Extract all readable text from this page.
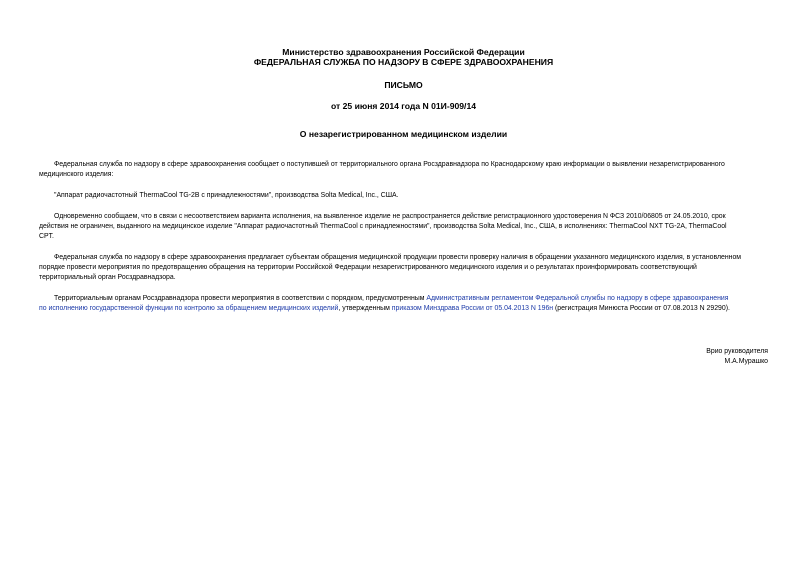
Министерство здравоохранения Российской Федерации
ФЕДЕРАЛЬНАЯ СЛУЖБА ПО НАДЗОРУ В СФЕРЕ ЗДРАВООХРАНЕНИЯ
ПИСЬМО
от 25 июня 2014 года N 01И-909/14
О незарегистрированном медицинском изделии
Федеральная служба по надзору в сфере здравоохранения сообщает о поступившей от территориального органа Росздравнадзора по Краснодарскому краю информации о выявлении незарегистрированного
медицинского изделия:
"Аппарат радиочастотный ThermaCool TG-2B с принадлежностями", производства Solta Medical, Inc., США.
Одновременно сообщаем, что в связи с несоответствием варианта исполнения, на выявленное изделие не распространяется действие регистрационного удостоверения N ФСЗ 2010/06805 от 24.05.2010, срок
действия не ограничен, выданного на медицинское изделие "Аппарат радиочастотный ThermaCool с принадлежностями", производства Solta Medical, Inc., США, в исполнениях: ThermaCool NXT TG-2A, ThermaCool
CPT.
Федеральная служба по надзору в сфере здравоохранения предлагает субъектам обращения медицинской продукции провести проверку наличия в обращении указанного медицинского изделия, в установленном
порядке провести мероприятия по предотвращению обращения на территории Российской Федерации незарегистрированного медицинского изделия и о результатах проинформировать соответствующий
территориальный орган Росздравнадзора.
Территориальным органам Росздравнадзора провести мероприятия в соответствии с порядком, предусмотренным Административным регламентом Федеральной службы по надзору в сфере здравоохранения
по исполнению государственной функции по контролю за обращением медицинских изделий, утвержденным приказом Минздрава России от 05.04.2013 N 196н (регистрация Минюста России от 07.08.2013 N 29290).
Врио руководителя
М.А.Мурашко
